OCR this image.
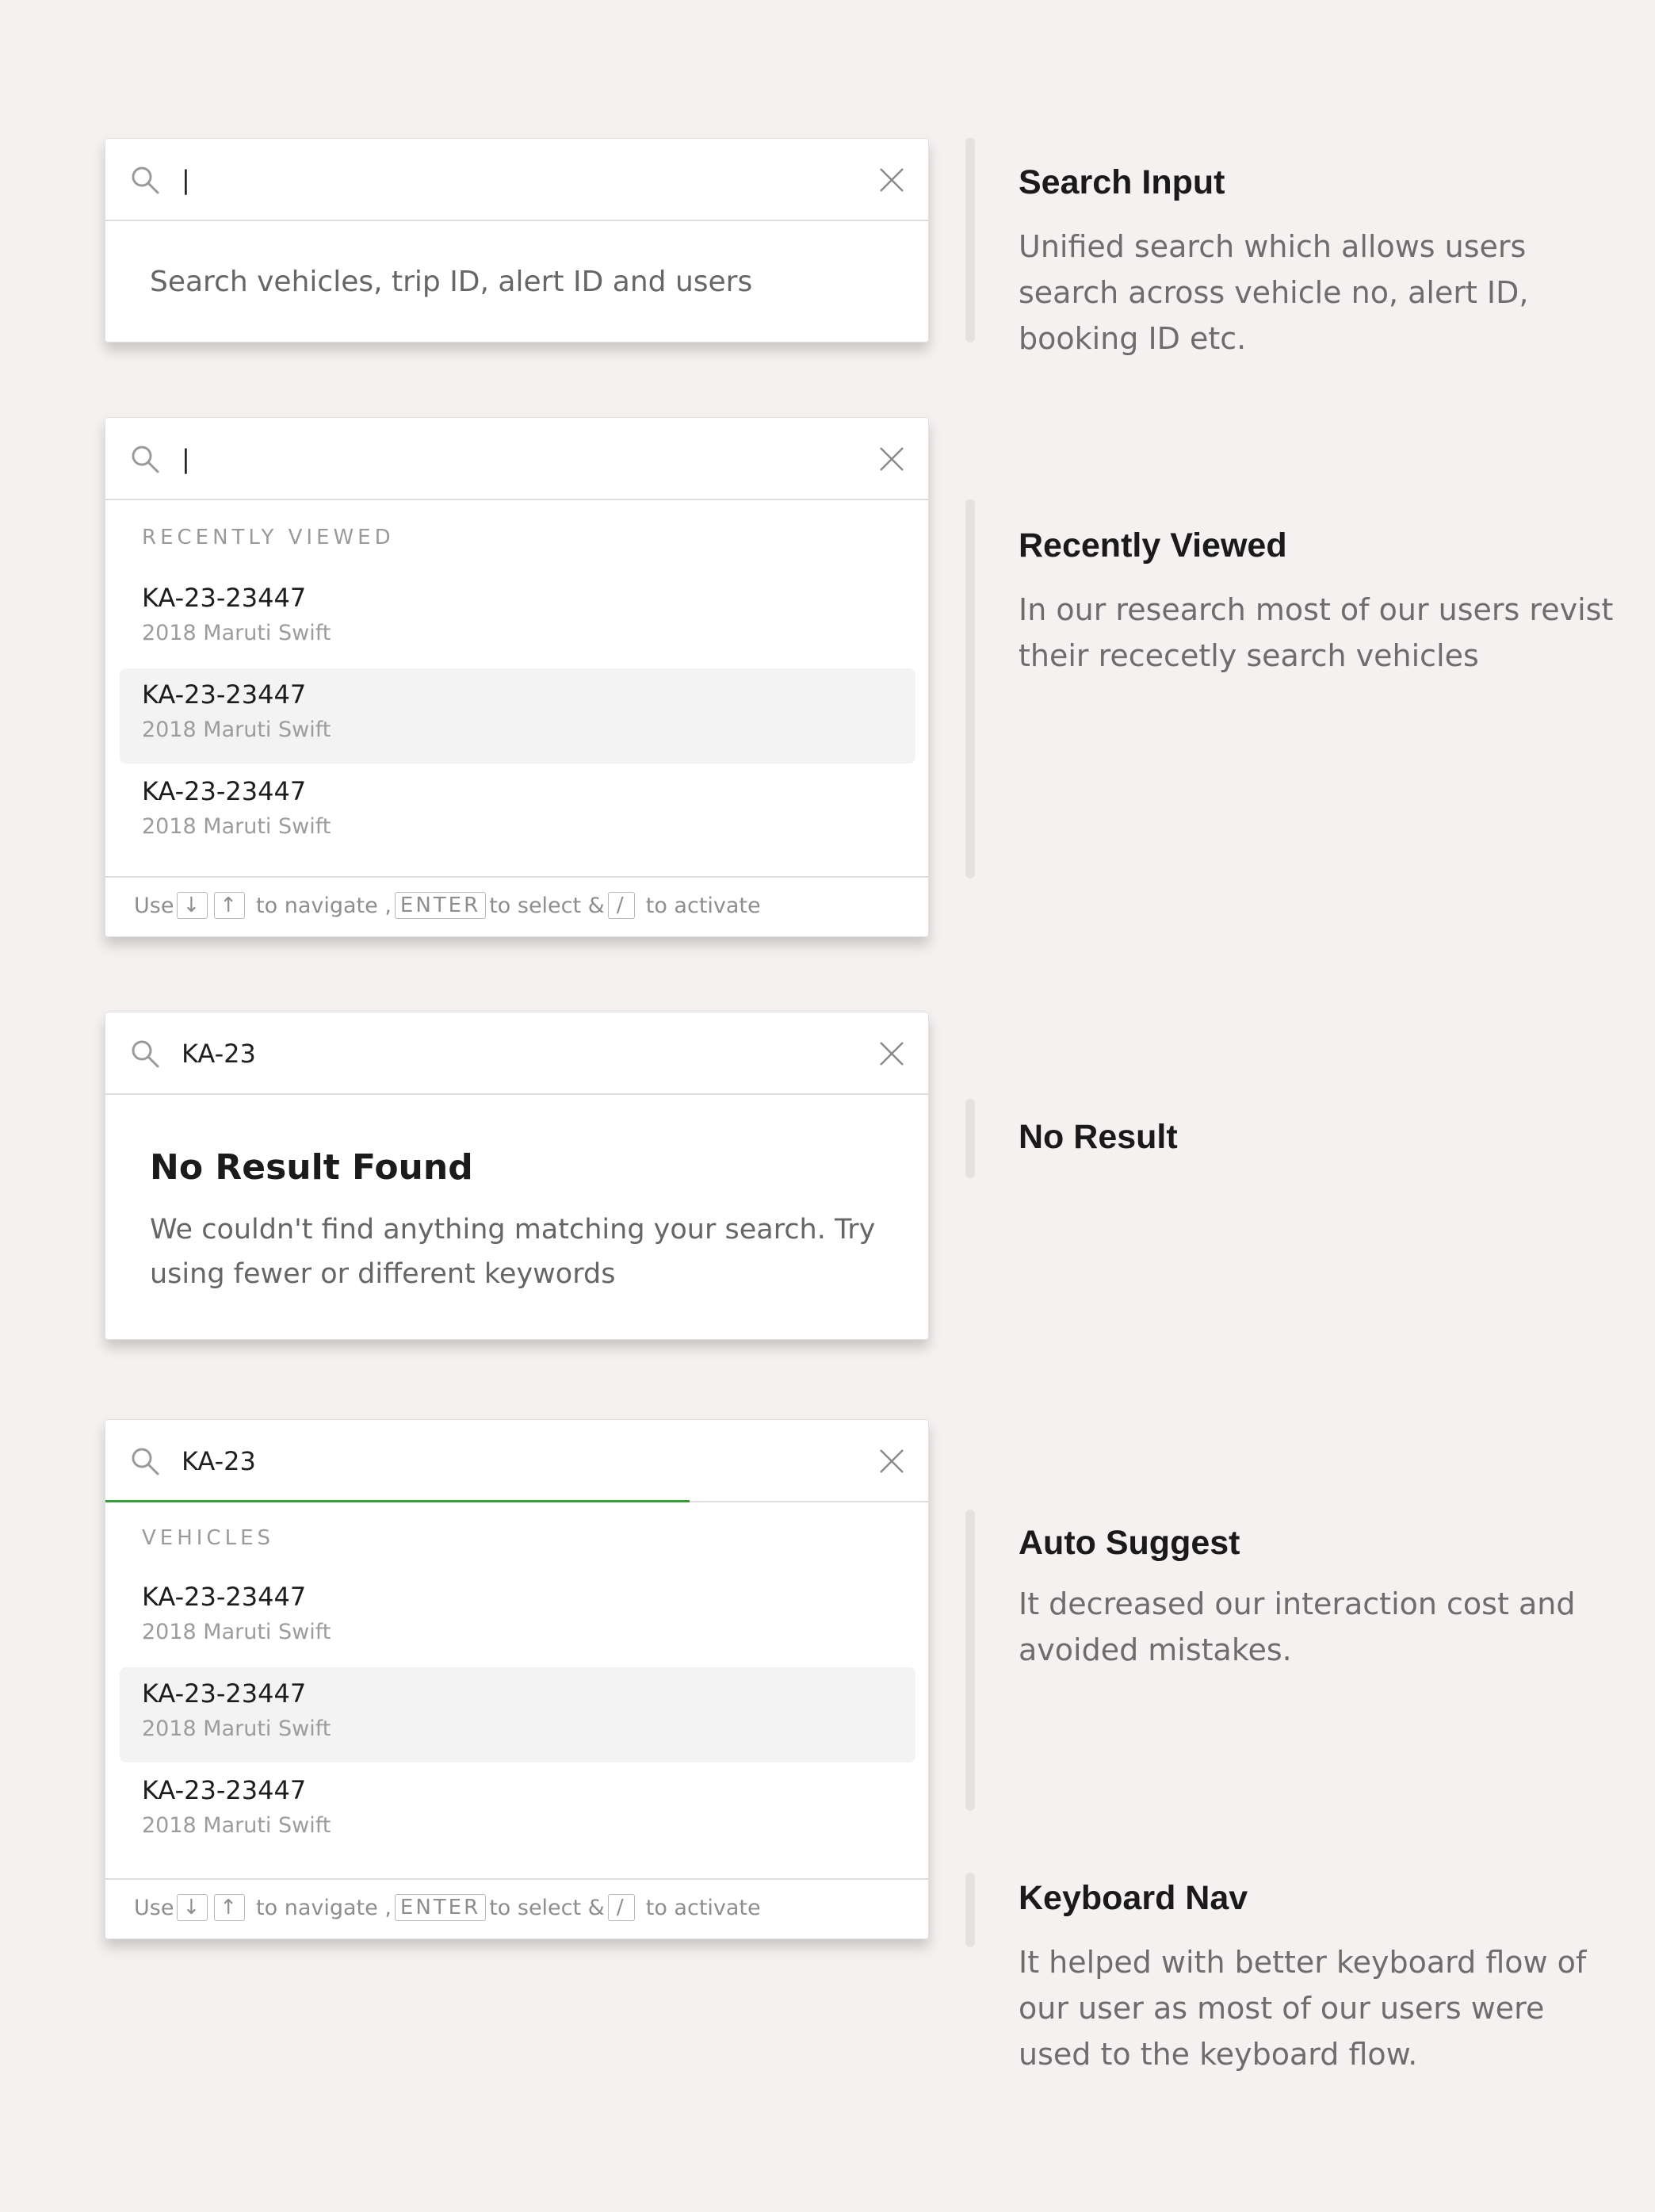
|
Search vehicles, trip ID, alert ID and users
|
RECENTLY VIEWED
KA-23-23447
2018 Maruti Swift
KA-23-23447
2018 Maruti Swift
KA-23-23447
2018 Maruti Swift
Use ↓ ↑ to navigate , ENTER to select & / to activate
KA-23
No Result Found
We couldn't find anything matching your search. Try using fewer or different keywords
KA-23
VEHICLES
KA-23-23447
2018 Maruti Swift
KA-23-23447
2018 Maruti Swift
KA-23-23447
2018 Maruti Swift
Use ↓ ↑ to navigate , ENTER to select & / to activate
Search Input
Unified search which allows users search across vehicle no, alert ID, booking ID etc.
Recently Viewed
In our research most of our users revist their rececetly search vehicles
No Result
Auto Suggest
It decreased our interaction cost and avoided mistakes.
Keyboard Nav
It helped with better keyboard flow of our user as most of our users were used to the keyboard flow.
